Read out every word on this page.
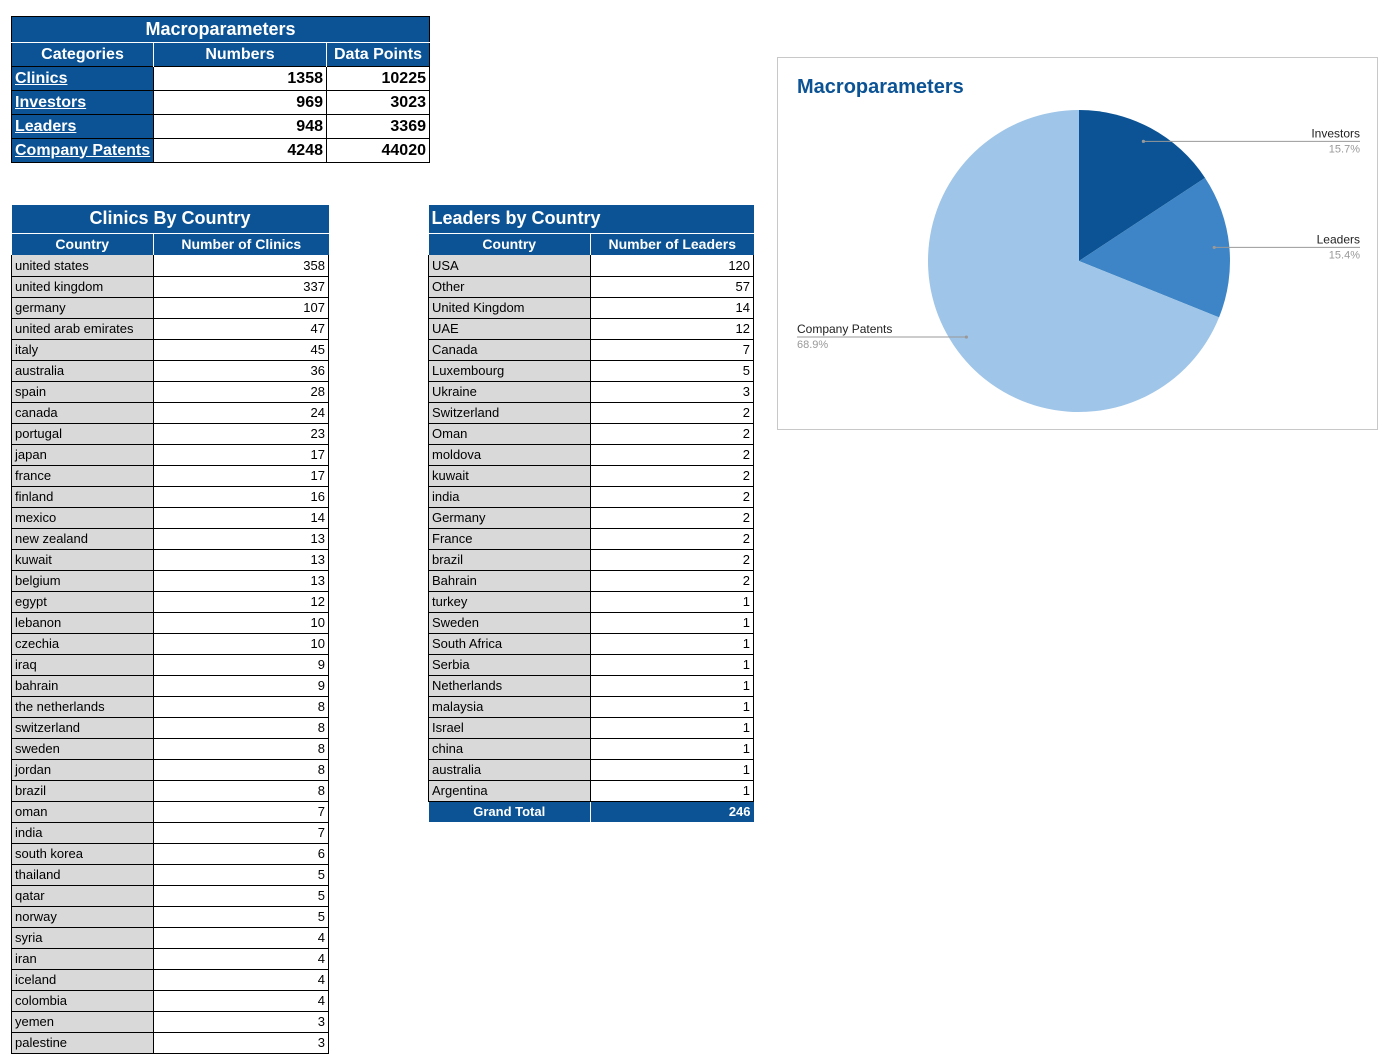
Macroparameters		
Categories	Numbers	Data Points
Clinics	1358	10225
Investors	969	3023
Leaders	948	3369
Company Patents	4248	44020
Clinics By Country	
Country	Number of Clinics
united states	358
united kingdom	337
germany	107
united arab emirates	47
italy	45
australia	36
spain	28
canada	24
portugal	23
japan	17
france	17
finland	16
mexico	14
new zealand	13
kuwait	13
belgium	13
egypt	12
lebanon	10
czechia	10
iraq	9
bahrain	9
the netherlands	8
switzerland	8
sweden	8
jordan	8
brazil	8
oman	7
india	7
south korea	6
thailand	5
qatar	5
norway	5
syria	4
iran	4
iceland	4
colombia	4
yemen	3
palestine	3
Leaders by Country	
Country	Number of Leaders
USA	120
Other	57
United Kingdom	14
UAE	12
Canada	7
Luxembourg	5
Ukraine	3
Switzerland	2
Oman	2
moldova	2
kuwait	2
india	2
Germany	2
France	2
brazil	2
Bahrain	2
turkey	1
Sweden	1
South Africa	1
Serbia	1
Netherlands	1
malaysia	1
Israel	1
china	1
australia	1
Argentina	1
Grand Total	246
Macroparameters
Investors
15.7%
Leaders
15.4%
Company Patents
68.9%
